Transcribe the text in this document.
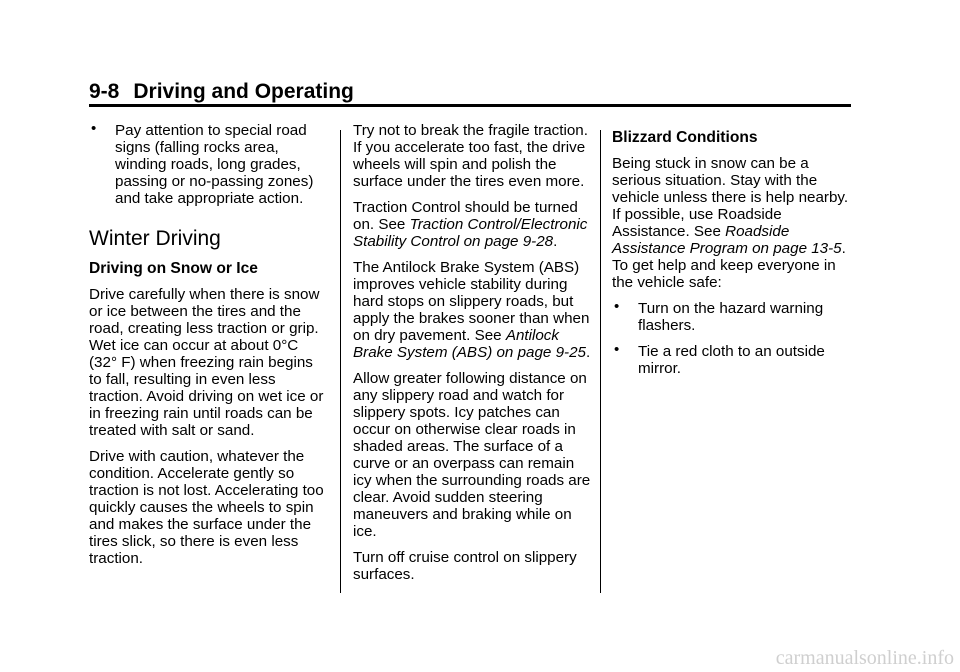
9-8 Driving and Operating
• Pay attention to special road signs (falling rocks area, winding roads, long grades, passing or no-passing zones) and take appropriate action.
Winter Driving
Driving on Snow or Ice

Drive carefully when there is snow or ice between the tires and the road, creating less traction or grip. Wet ice can occur at about 0°C (32° F) when freezing rain begins to fall, resulting in even less traction. Avoid driving on wet ice or in freezing rain until roads can be treated with salt or sand.

Drive with caution, whatever the condition. Accelerate gently so traction is not lost. Accelerating too quickly causes the wheels to spin and makes the surface under the tires slick, so there is even less traction.

Try not to break the fragile traction. If you accelerate too fast, the drive wheels will spin and polish the surface under the tires even more.

Traction Control should be turned on. See Traction Control/Electronic Stability Control on page 9-28.

The Antilock Brake System (ABS) improves vehicle stability during hard stops on slippery roads, but apply the brakes sooner than when on dry pavement. See Antilock Brake System (ABS) on page 9-25.

Allow greater following distance on any slippery road and watch for slippery spots. Icy patches can occur on otherwise clear roads in shaded areas. The surface of a curve or an overpass can remain icy when the surrounding roads are clear. Avoid sudden steering maneuvers and braking while on ice.

Turn off cruise control on slippery surfaces.

Blizzard Conditions

Being stuck in snow can be a serious situation. Stay with the vehicle unless there is help nearby. If possible, use Roadside Assistance. See Roadside Assistance Program on page 13-5. To get help and keep everyone in the vehicle safe:

• Turn on the hazard warning flashers.
• Tie a red cloth to an outside mirror.
carmanualsonline.info
